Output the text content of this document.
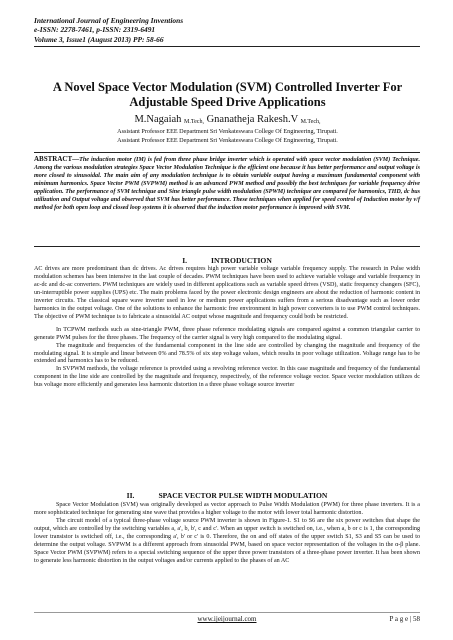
International Journal of Engineering Inventions
e-ISSN: 2278-7461, p-ISSN: 2319-6491
Volume 3, Issue1 (August 2013) PP: 58-66
A Novel Space Vector Modulation (SVM) Controlled Inverter For
Adjustable Speed Drive Applications
M.Nagaiah $_{M.Tech,}$ Gnanatheja Rakesh.V $_{M.Tech,}$
Assistant Professor EEE Department Sri Venkateswara College Of Engineering, Tirupati.
Assistant Professor EEE Department Sri Venkateswara College Of Engineering, Tirupati.
ABSTRACT—The induction motor (IM) is fed from three phase bridge inverter which is operated with space vector modulation (SVM) Technique. Among the various modulation strategies Space Vector Modulation Technique is the efficient one because it has better performance and output voltage is more closed to sinusoidal. The main aim of any modulation technique is to obtain variable output having a maximum fundamental component with minimum harmonics. Space Vector PWM (SVPWM) method is an advanced PWM method and possibly the best techniques for variable frequency drive application. The performance of SVM technique and Sine triangle pulse width modulation (SPWM) technique are compared for harmonics, THD, dc bus utilization and Output voltage and observed that SVM has better performance. These techniques when applied for speed control of Induction motor by v/f method for both open loop and closed loop systems it is observed that the induction motor performance is improved with SVM.
I.	INTRODUCTION

AC drives are more predominant than dc drives. Ac drives requires high power variable voltage variable frequency supply. The research in Pulse width modulation schemes has been intensive in the last couple of decades. PWM techniques have been used to achieve variable voltage and variable frequency in ac-dc and dc-ac converters. PWM techniques are widely used in different applications such as variable speed drives (VSD), static frequency changers (SFC), un-interruptible power supplies (UPS) etc. The main problems faced by the power electronic design engineers are about the reduction of harmonic content in inverter circuits. The classical square wave inverter used in low or medium power applications suffers from a serious disadvantage such as lower order harmonics in the output voltage. One of the solutions to enhance the harmonic free environment in high power converters is to use PWM control techniques. The objective of PWM technique is to fabricate a sinusoidal AC output whose magnitude and frequency could both be restricted.

In TCPWM methods such as sine-triangle PWM, three phase reference modulating signals are compared against a common triangular carrier to generate PWM pulses for the three phases. The frequency of the carrier signal is very high compared to the modulating signal.

The magnitude and frequencies of the fundamental component in the line side are controlled by changing the magnitude and frequency of the modulating signal. It is simple and linear between 0% and 78.5% of six step voltage values, which results in poor voltage utilization. Voltage range has to be extended and harmonics has to be reduced.

In SVPWM methods, the voltage reference is provided using a revolving reference vector. In this case magnitude and frequency of the fundamental component in the line side are controlled by the magnitude and frequency, respectively, of the reference voltage vector. Space vector modulation utilizes dc bus voltage more efficiently and generates less harmonic distortion in a three phase voltage source inverter

II.	SPACE VECTOR PULSE WIDTH MODULATION

Space Vector Modulation (SVM) was originally developed as vector approach to Pulse Width Modulation (PWM) for three phase inverters. It is a more sophisticated technique for generating sine wave that provides a higher voltage to the motor with lower total harmonic distortion.

The circuit model of a typical three-phase voltage source PWM inverter is shown in Figure-1. S1 to S6 are the six power switches that shape the output, which are controlled by the switching variables a, a', b, b', c and c'. When an upper switch is switched on, i.e., when a, b or c is 1, the corresponding lower transistor is switched off, i.e., the corresponding a', b' or c' is 0. Therefore, the on and off states of the upper switch S1, S3 and S5 can be used to determine the output voltage. SVPWM is a different approach from sinusoidal PWM, based on space vector representation of the voltages in the α-β plane. Space Vector PWM (SVPWM) refers to a special switching sequence of the upper three power transistors of a three-phase power inverter. It has been shown to generate less harmonic distortion in the output voltages and/or currents applied to the phases of an AC

www.ijeijournal.com	P a g e | 58
